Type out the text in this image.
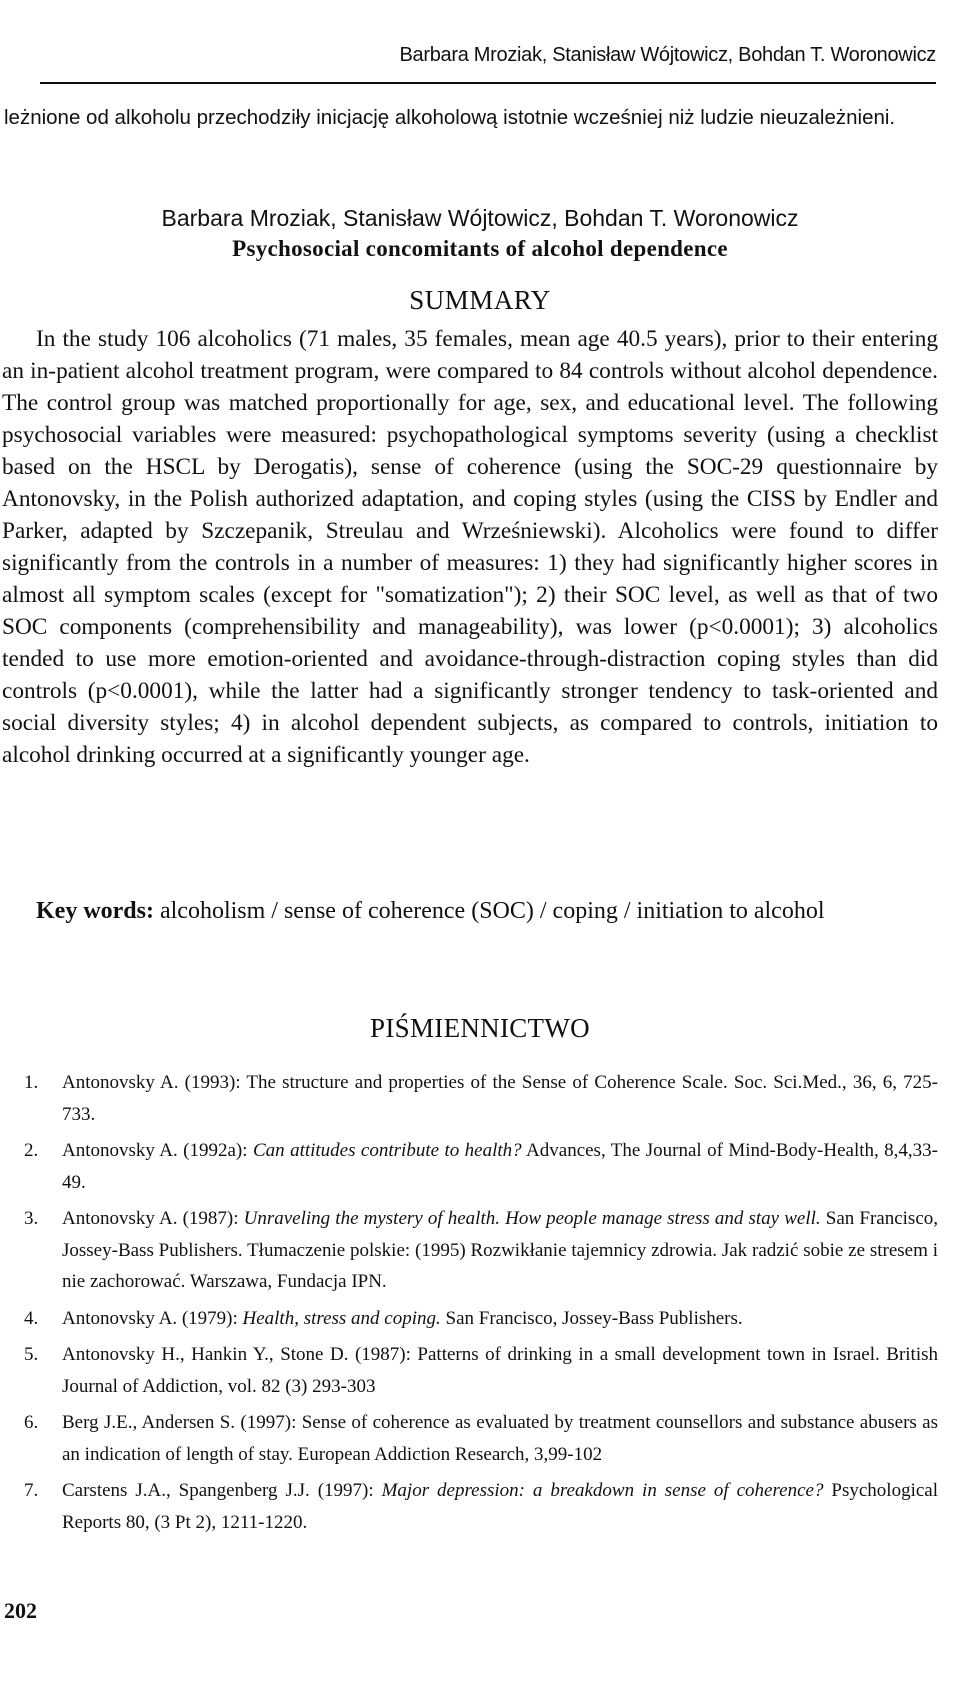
Barbara Mroziak, Stanisław Wójtowicz, Bohdan T. Woronowicz

leżnione od alkoholu przechodziły inicjację alkoholową istotnie wcześniej niż ludzie nieuzależnieni.

Barbara Mroziak, Stanisław Wójtowicz, Bohdan T. Woronowicz
Psychosocial concomitants of alcohol dependence
SUMMARY

In the study 106 alcoholics (71 males, 35 females, mean age 40.5 years), prior to their entering an in-patient alcohol treatment program, were compared to 84 controls without alcohol dependence. The control group was matched proportionally for age, sex, and educational level. The following psychosocial variables were measured: psychopathological symptoms severity (using a checklist based on the HSCL by Derogatis), sense of coherence (using the SOC-29 questionnaire by Antonovsky, in the Polish authorized adaptation, and coping styles (using the CISS by Endler and Parker, adapted by Szczepanik, Streulau and Wrześniewski). Alcoholics were found to differ significantly from the controls in a number of measures: 1) they had significantly higher scores in almost all symptom scales (except for "somatization"); 2) their SOC level, as well as that of two SOC components (comprehensibility and manageability), was lower (p<0.0001); 3) alcoholics tended to use more emotion-oriented and avoidance-through-distraction coping styles than did controls (p<0.0001), while the latter had a significantly stronger tendency to task-oriented and social diversity styles; 4) in alcohol dependent subjects, as compared to controls, initiation to alcohol drinking occurred at a significantly younger age.

Key words: alcoholism / sense of coherence (SOC) / coping / initiation to alcohol

PIŚMIENNICTWO
1. Antonovsky A. (1993): The structure and properties of the Sense of Coherence Scale. Soc. Sci.Med., 36, 6, 725-733.
2. Antonovsky A. (1992a): Can attitudes contribute to health? Advances, The Journal of Mind-Body-Health, 8,4,33-49.
3. Antonovsky A. (1987): Unraveling the mystery of health. How people manage stress and stay well. San Francisco, Jossey-Bass Publishers. Tłumaczenie polskie: (1995) Rozwikłanie tajemnicy zdrowia. Jak radzić sobie ze stresem i nie zachorować. Warszawa, Fundacja IPN.
4. Antonovsky A. (1979): Health, stress and coping. San Francisco, Jossey-Bass Publishers.
5. Antonovsky H., Hankin Y., Stone D. (1987): Patterns of drinking in a small development town in Israel. British Journal of Addiction, vol. 82 (3) 293-303
6. Berg J.E., Andersen S. (1997): Sense of coherence as evaluated by treatment counsellors and substance abusers as an indication of length of stay. European Addiction Research, 3,99-102
7. Carstens J.A., Spangenberg J.J. (1997): Major depression: a breakdown in sense of coherence? Psychological Reports 80, (3 Pt 2), 1211-1220.
202
